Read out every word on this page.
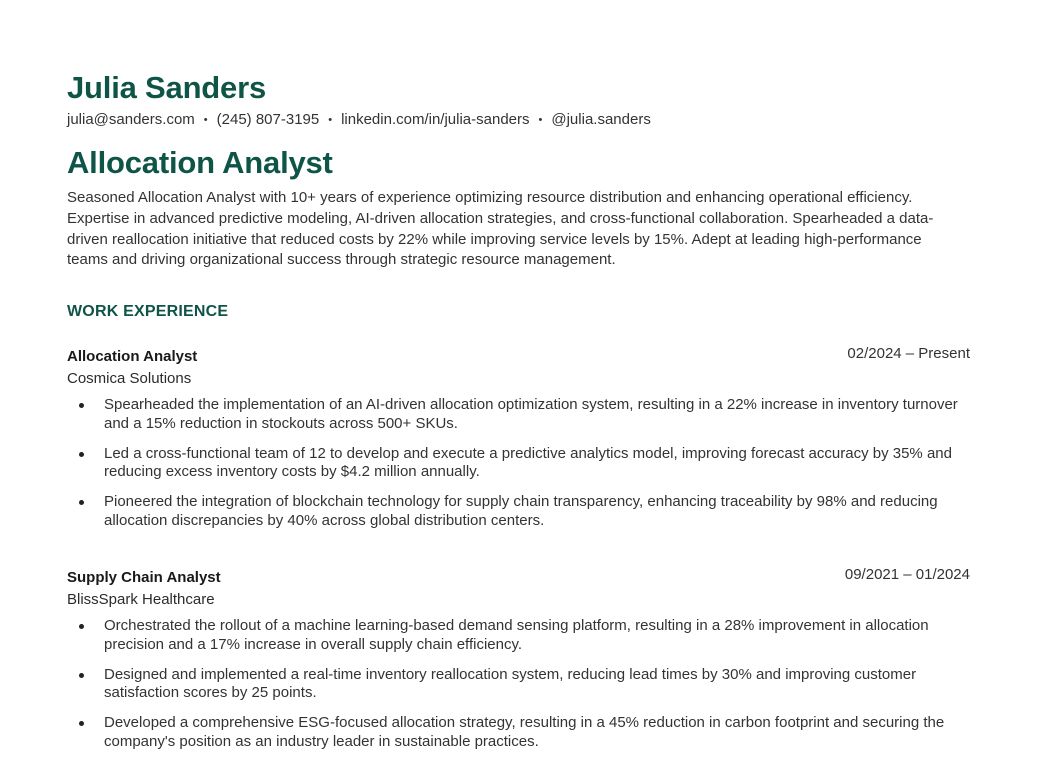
Julia Sanders
julia@sanders.com • (245) 807-3195 • linkedin.com/in/julia-sanders • @julia.sanders
Allocation Analyst

Seasoned Allocation Analyst with 10+ years of experience optimizing resource distribution and enhancing operational efficiency. Expertise in advanced predictive modeling, AI-driven allocation strategies, and cross-functional collaboration. Spearheaded a data-driven reallocation initiative that reduced costs by 22% while improving service levels by 15%. Adept at leading high-performance teams and driving organizational success through strategic resource management.

WORK EXPERIENCE
Allocation Analyst	02/2024 – Present
Cosmica Solutions
Spearheaded the implementation of an AI-driven allocation optimization system, resulting in a 22% increase in inventory turnover and a 15% reduction in stockouts across 500+ SKUs.
Led a cross-functional team of 12 to develop and execute a predictive analytics model, improving forecast accuracy by 35% and reducing excess inventory costs by $4.2 million annually.
Pioneered the integration of blockchain technology for supply chain transparency, enhancing traceability by 98% and reducing allocation discrepancies by 40% across global distribution centers.
Supply Chain Analyst	09/2021 – 01/2024
BlissSpark Healthcare
Orchestrated the rollout of a machine learning-based demand sensing platform, resulting in a 28% improvement in allocation precision and a 17% increase in overall supply chain efficiency.
Designed and implemented a real-time inventory reallocation system, reducing lead times by 30% and improving customer satisfaction scores by 25 points.
Developed a comprehensive ESG-focused allocation strategy, resulting in a 45% reduction in carbon footprint and securing the company's position as an industry leader in sustainable practices.
